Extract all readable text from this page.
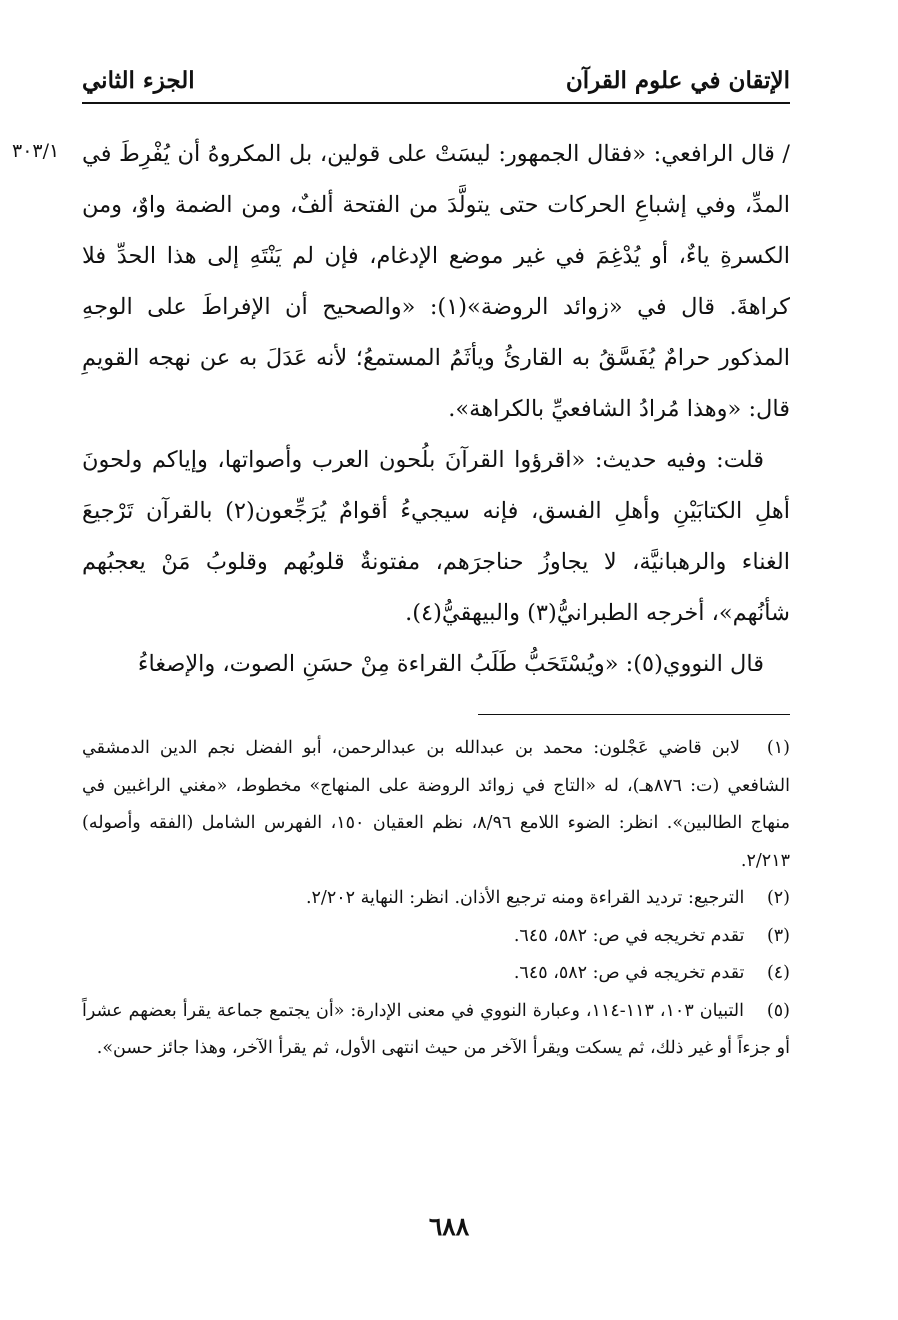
الإتقان في علوم القرآن
الجزء الثاني
٣٠٣/١ / قال الرافعي: «فقال الجمهور: ليسَتْ على قولين، بل المكروهُ أن يُفْرِطَ في المدِّ، وفي إشباعِ الحركات حتى يتولَّدَ من الفتحة ألفٌ، ومن الضمة واوٌ، ومن الكسرةِ ياءٌ، أو يُدْغِمَ في غير موضع الإدغام، فإن لم يَنْتَهِ إلى هذا الحدِّ فلا كراهةَ. قال في «زوائد الروضة»(١): «والصحيح أن الإفراطَ على الوجهِ المذكور حرامٌ يُفَسَّقُ به القارئُ ويأثَمُ المستمعُ؛ لأنه عَدَلَ به عن نهجه القويمِ قال: «وهذا مُرادُ الشافعيِّ بالكراهة».

قلت: وفيه حديث: «اقرؤوا القرآنَ بلُحون العرب وأصواتها، وإياكم ولحونَ أهلِ الكتابَيْنِ وأهلِ الفسق، فإنه سيجيءُ أقوامٌ يُرَجِّعون(٢) بالقرآن تَرْجيعَ الغناء والرهبانيَّة، لا يجاوزُ حناجرَهم، مفتونةٌ قلوبُهم وقلوبُ مَنْ يعجبُهم شأنُهم»، أخرجه الطبرانيُّ(٣) والبيهقيُّ(٤).

قال النووي(٥): «ويُسْتَحَبُّ طَلَبُ القراءة مِنْ حسَنِ الصوت، والإصغاءُ

(١) لابن قاضي عَجْلون: محمد بن عبدالله بن عبدالرحمن، أبو الفضل نجم الدين الدمشقي الشافعي (ت: ٨٧٦هـ)، له «التاج في زوائد الروضة على المنهاج» مخطوط، «مغني الراغبين في منهاج الطالبين». انظر: الضوء اللامع ٨/٩٦، نظم العقيان ١٥٠، الفهرس الشامل (الفقه وأصوله) ٢/٢١٣.

(٢) الترجيع: ترديد القراءة ومنه ترجيع الأذان. انظر: النهاية ٢/٢٠٢.

(٣) تقدم تخريجه في ص: ٥٨٢، ٦٤٥.

(٤) تقدم تخريجه في ص: ٥٨٢، ٦٤٥.

(٥) التبيان ١٠٣، ١١٣-١١٤، وعبارة النووي في معنى الإدارة: «أن يجتمع جماعة يقرأ بعضهم عشراً أو جزءاً أو غير ذلك، ثم يسكت ويقرأ الآخر من حيث انتهى الأول، ثم يقرأ الآخر، وهذا جائز حسن».

٦٨٨
